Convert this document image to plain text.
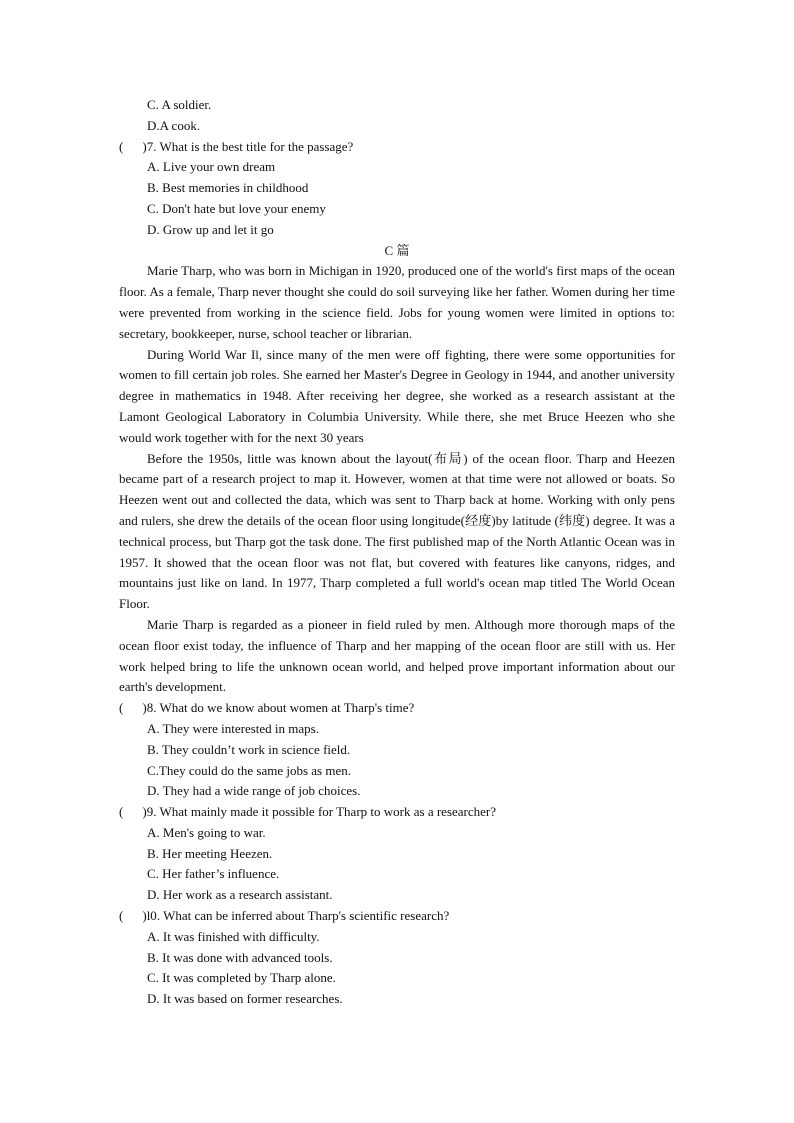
C. A soldier.
D.A cook.
( )7. What is the best title for the passage?
A. Live your own dream
B. Best memories in childhood
C. Don't hate but love your enemy
D. Grow up and let it go
C 篇
Marie Tharp, who was born in Michigan in 1920, produced one of the world's first maps of the ocean floor. As a female, Tharp never thought she could do soil surveying like her father. Women during her time were prevented from working in the science field. Jobs for young women were limited in options to: secretary, bookkeeper, nurse, school teacher or librarian.
During World War Il, since many of the men were off fighting, there were some opportunities for women to fill certain job roles. She earned her Master's Degree in Geology in 1944, and another university degree in mathematics in 1948. After receiving her degree, she worked as a research assistant at the Lamont Geological Laboratory in Columbia University. While there, she met Bruce Heezen who she would work together with for the next 30 years
Before the 1950s, little was known about the layout(布局) of the ocean floor. Tharp and Heezen became part of a research project to map it. However, women at that time were not allowed or boats. So Heezen went out and collected the data, which was sent to Tharp back at home. Working with only pens and rulers, she drew the details of the ocean floor using longitude(经度)by latitude (纬度) degree. It was a technical process, but Tharp got the task done. The first published map of the North Atlantic Ocean was in 1957. It showed that the ocean floor was not flat, but covered with features like canyons, ridges, and mountains just like on land. In 1977, Tharp completed a full world's ocean map titled The World Ocean Floor.
Marie Tharp is regarded as a pioneer in field ruled by men. Although more thorough maps of the ocean floor exist today, the influence of Tharp and her mapping of the ocean floor are still with us. Her work helped bring to life the unknown ocean world, and helped prove important information about our earth's development.
( )8. What do we know about women at Tharp's time?
A. They were interested in maps.
B. They couldn’t work in science field.
C.They could do the same jobs as men.
D. They had a wide range of job choices.
( )9. What mainly made it possible for Tharp to work as a researcher?
A. Men's going to war.
B. Her meeting Heezen.
C. Her father’s influence.
D. Her work as a research assistant.
( )l0. What can be inferred about Tharp's scientific research?
A. It was finished with difficulty.
B. It was done with advanced tools.
C. It was completed by Tharp alone.
D. It was based on former researches.
